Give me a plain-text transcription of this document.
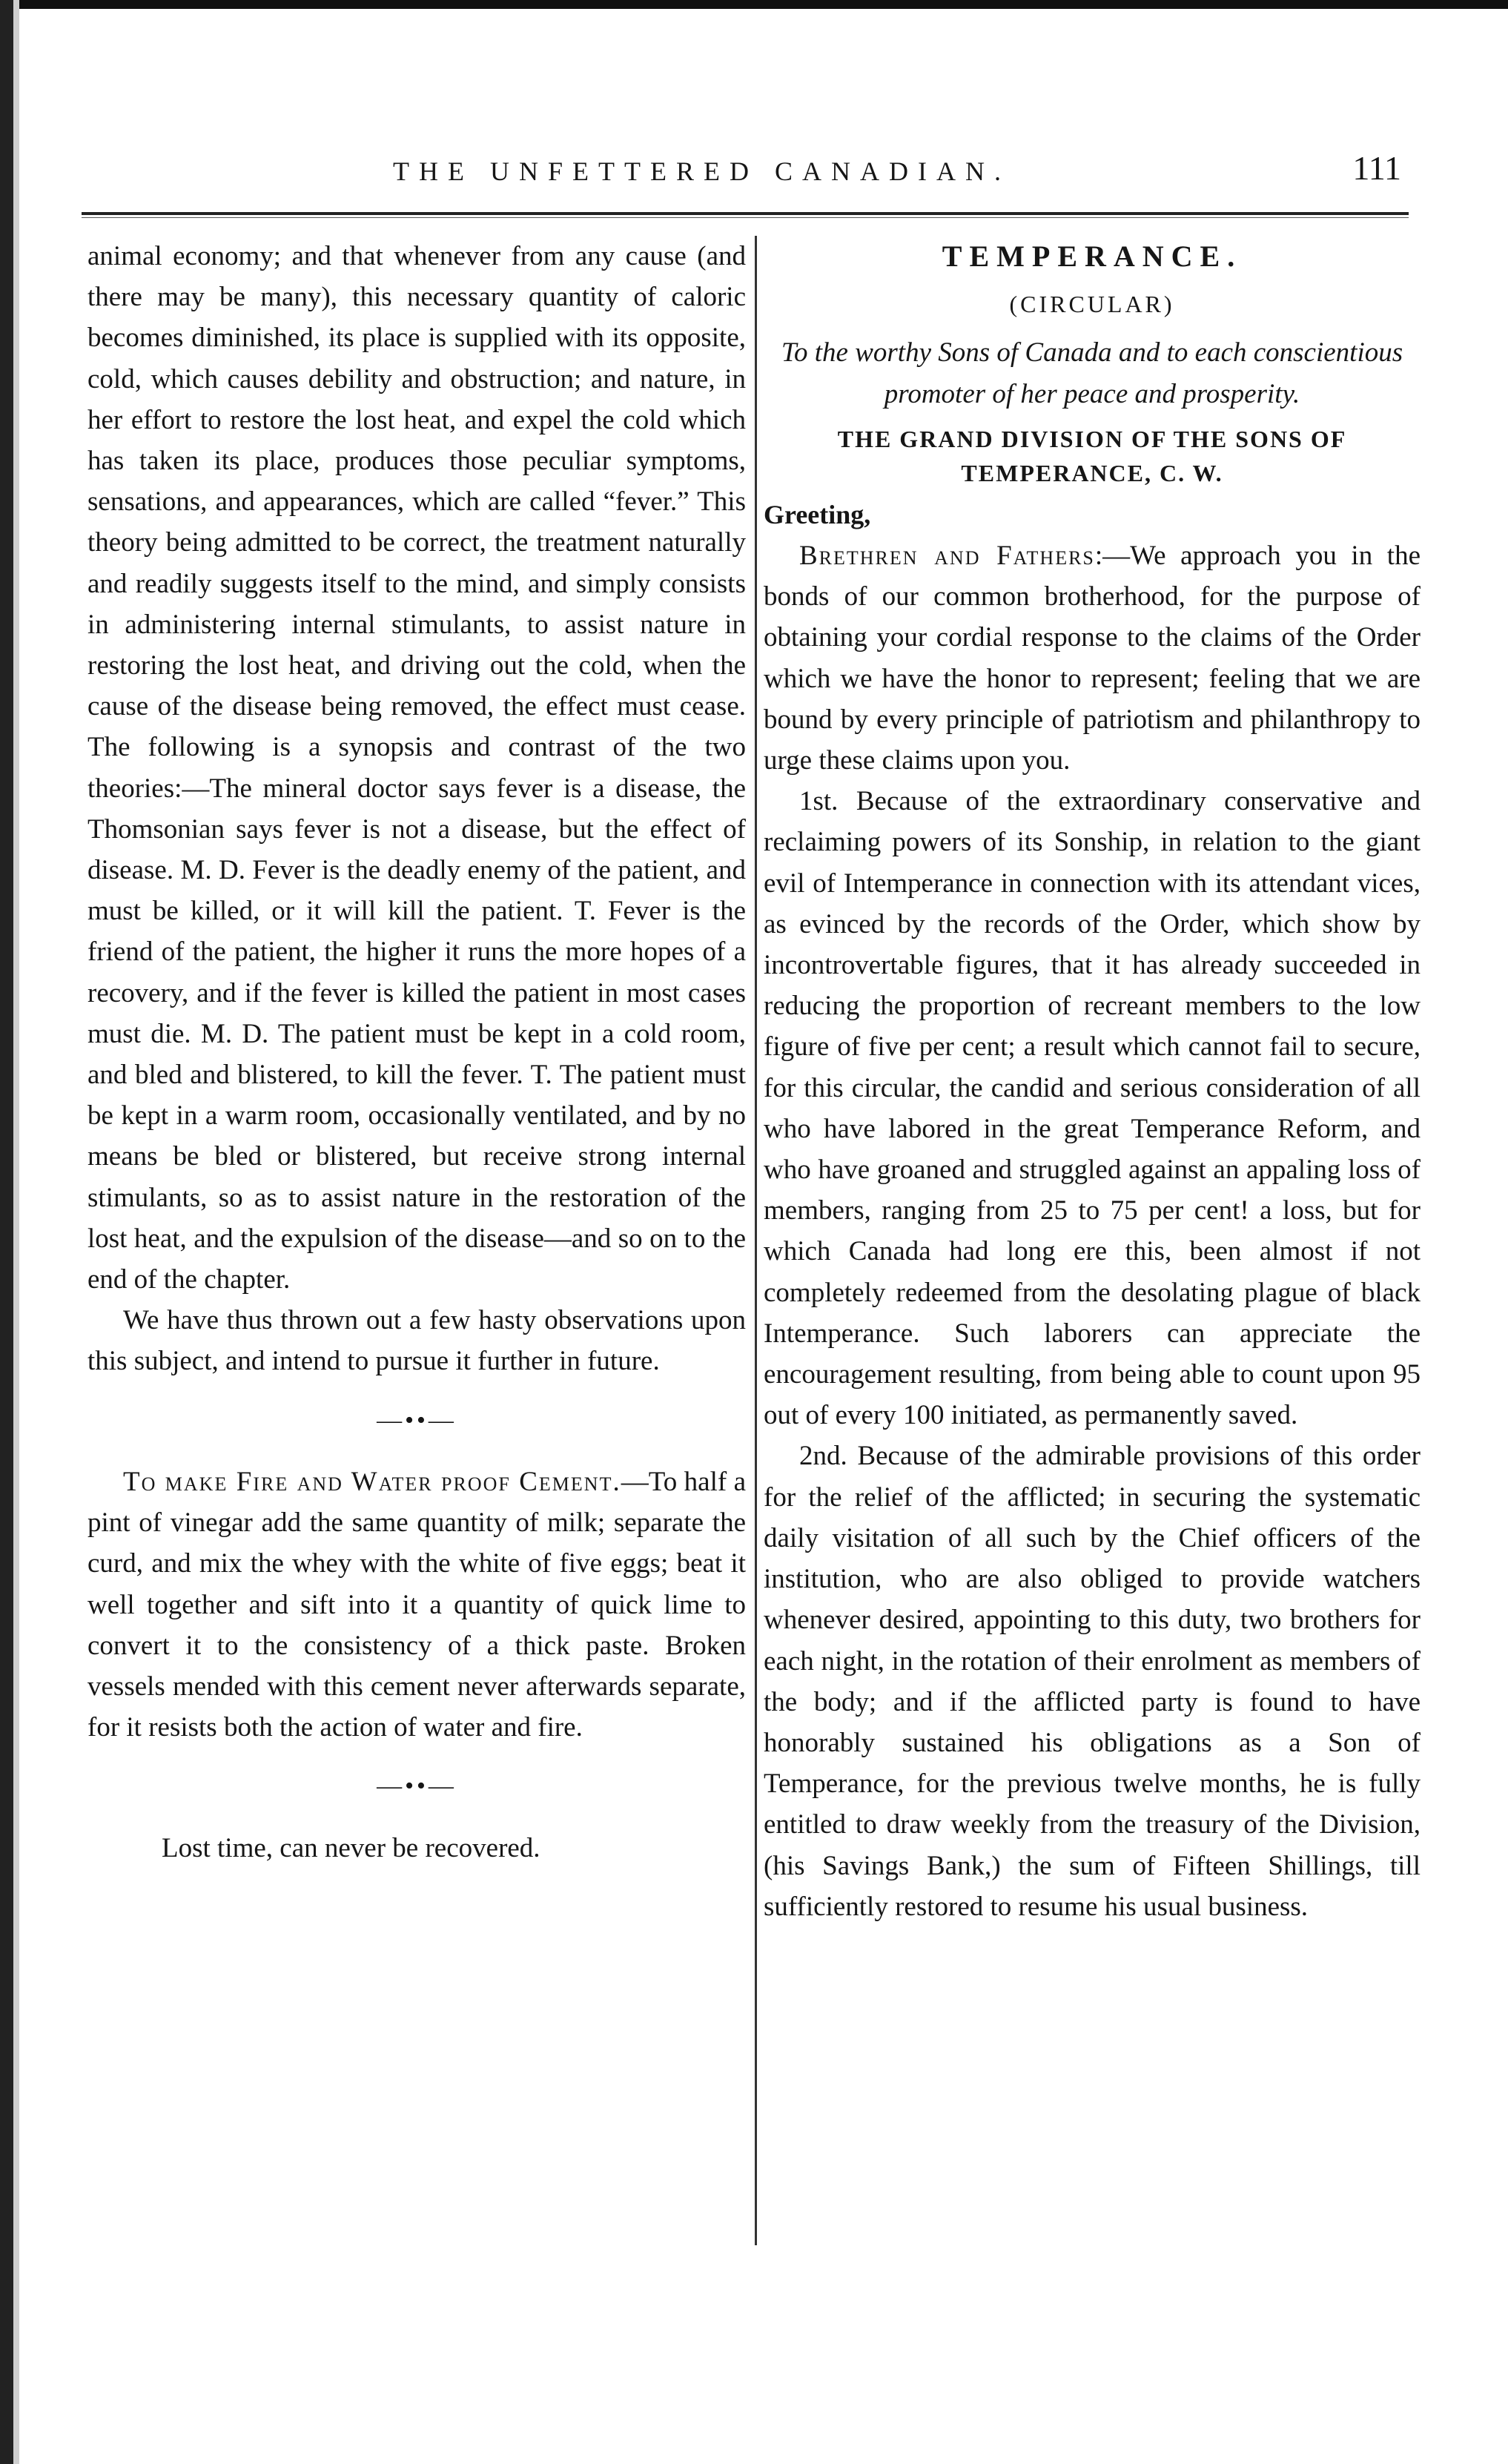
THE UNFETTERED CANADIAN.	111

animal economy; and that whenever from any cause (and there may be many), this necessary quantity of caloric becomes diminished, its place is supplied with its opposite, cold, which causes debility and obstruction; and nature, in her effort to restore the lost heat, and expel the cold which has taken its place, produces those peculiar symptoms, sensations, and appearances, which are called “fever.” This theory being admitted to be correct, the treatment naturally and readily suggests itself to the mind, and simply consists in administering internal stimulants, to assist nature in restoring the lost heat, and driving out the cold, when the cause of the disease being removed, the effect must cease. The following is a synopsis and contrast of the two theories:—The mineral doctor says fever is a disease, the Thomsonian says fever is not a disease, but the effect of disease. M. D. Fever is the deadly enemy of the patient, and must be killed, or it will kill the patient. T. Fever is the friend of the patient, the higher it runs the more hopes of a recovery, and if the fever is killed the patient in most cases must die. M. D. The patient must be kept in a cold room, and bled and blistered, to kill the fever. T. The patient must be kept in a warm room, occasionally ventilated, and by no means be bled or blistered, but receive strong internal stimulants, so as to assist nature in the restoration of the lost heat, and the expulsion of the disease—and so on to the end of the chapter.

We have thus thrown out a few hasty observations upon this subject, and intend to pursue it further in future.

—••—

To make Fire and Water proof Cement.—To half a pint of vinegar add the same quantity of milk; separate the curd, and mix the whey with the white of five eggs; beat it well together and sift into it a quantity of quick lime to convert it to the consistency of a thick paste. Broken vessels mended with this cement never afterwards separate, for it resists both the action of water and fire.

—••—

Lost time, can never be recovered.

TEMPERANCE.

(CIRCULAR)

To the worthy Sons of Canada and to each conscientious promoter of her peace and prosperity.

THE GRAND DIVISION OF THE SONS OF TEMPERANCE, C. W.

Greeting,

Brethren and Fathers:—We approach you in the bonds of our common brotherhood, for the purpose of obtaining your cordial response to the claims of the Order which we have the honor to represent; feeling that we are bound by every principle of patriotism and philanthropy to urge these claims upon you.

1st. Because of the extraordinary conservative and reclaiming powers of its Sonship, in relation to the giant evil of Intemperance in connection with its attendant vices, as evinced by the records of the Order, which show by incontrovertable figures, that it has already succeeded in reducing the proportion of recreant members to the low figure of five per cent; a result which cannot fail to secure, for this circular, the candid and serious consideration of all who have labored in the great Temperance Reform, and who have groaned and struggled against an appaling loss of members, ranging from 25 to 75 per cent! a loss, but for which Canada had long ere this, been almost if not completely redeemed from the desolating plague of black Intemperance. Such laborers can appreciate the encouragement resulting, from being able to count upon 95 out of every 100 initiated, as permanently saved.

2nd. Because of the admirable provisions of this order for the relief of the afflicted; in securing the systematic daily visitation of all such by the Chief officers of the institution, who are also obliged to provide watchers whenever desired, appointing to this duty, two brothers for each night, in the rotation of their enrolment as members of the body; and if the afflicted party is found to have honorably sustained his obligations as a Son of Temperance, for the previous twelve months, he is fully entitled to draw weekly from the treasury of the Division, (his Savings Bank,) the sum of Fifteen Shillings, till sufficiently restored to resume his usual business.
